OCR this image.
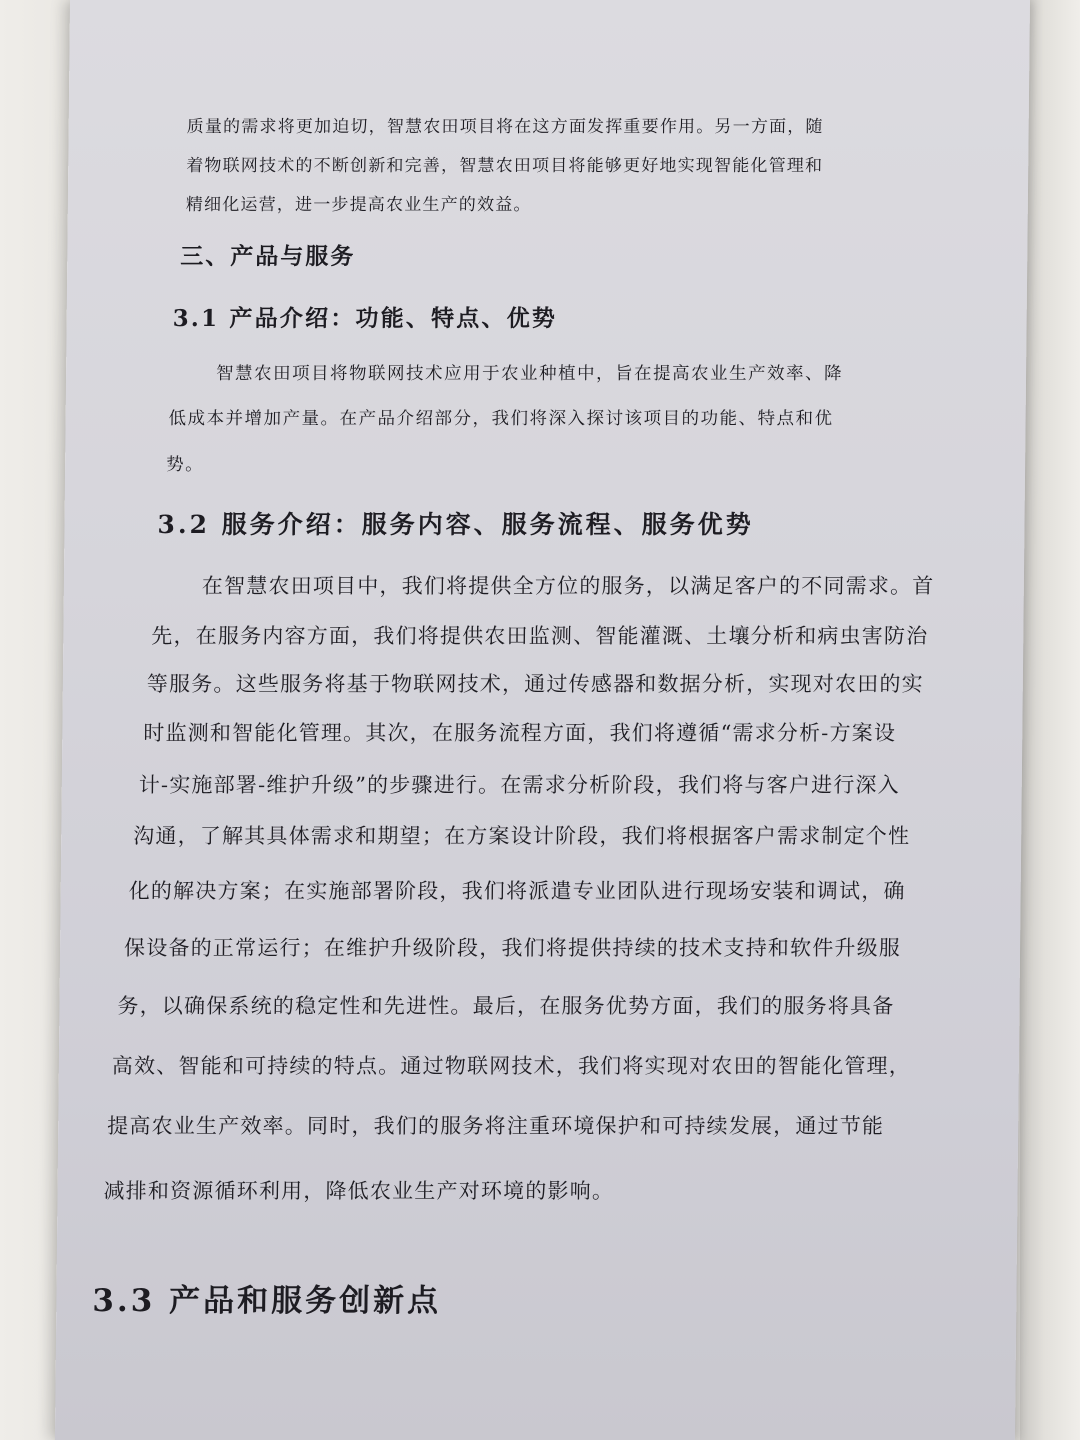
质量的需求将更加迫切，智慧农田项目将在这方面发挥重要作用。另一方面，随
着物联网技术的不断创新和完善，智慧农田项目将能够更好地实现智能化管理和
精细化运营，进一步提高农业生产的效益。
三、产品与服务
3.1 产品介绍：功能、特点、优势
智慧农田项目将物联网技术应用于农业种植中，旨在提高农业生产效率、降
低成本并增加产量。在产品介绍部分，我们将深入探讨该项目的功能、特点和优
势。
3.2 服务介绍：服务内容、服务流程、服务优势
在智慧农田项目中，我们将提供全方位的服务，以满足客户的不同需求。首
先，在服务内容方面，我们将提供农田监测、智能灌溉、土壤分析和病虫害防治
等服务。这些服务将基于物联网技术，通过传感器和数据分析，实现对农田的实
时监测和智能化管理。其次，在服务流程方面，我们将遵循“需求分析-方案设
计-实施部署-维护升级”的步骤进行。在需求分析阶段，我们将与客户进行深入
沟通，了解其具体需求和期望；在方案设计阶段，我们将根据客户需求制定个性
化的解决方案；在实施部署阶段，我们将派遣专业团队进行现场安装和调试，确
保设备的正常运行；在维护升级阶段，我们将提供持续的技术支持和软件升级服
务，以确保系统的稳定性和先进性。最后，在服务优势方面，我们的服务将具备
高效、智能和可持续的特点。通过物联网技术，我们将实现对农田的智能化管理，
提高农业生产效率。同时，我们的服务将注重环境保护和可持续发展，通过节能
减排和资源循环利用，降低农业生产对环境的影响。
3.3 产品和服务创新点
